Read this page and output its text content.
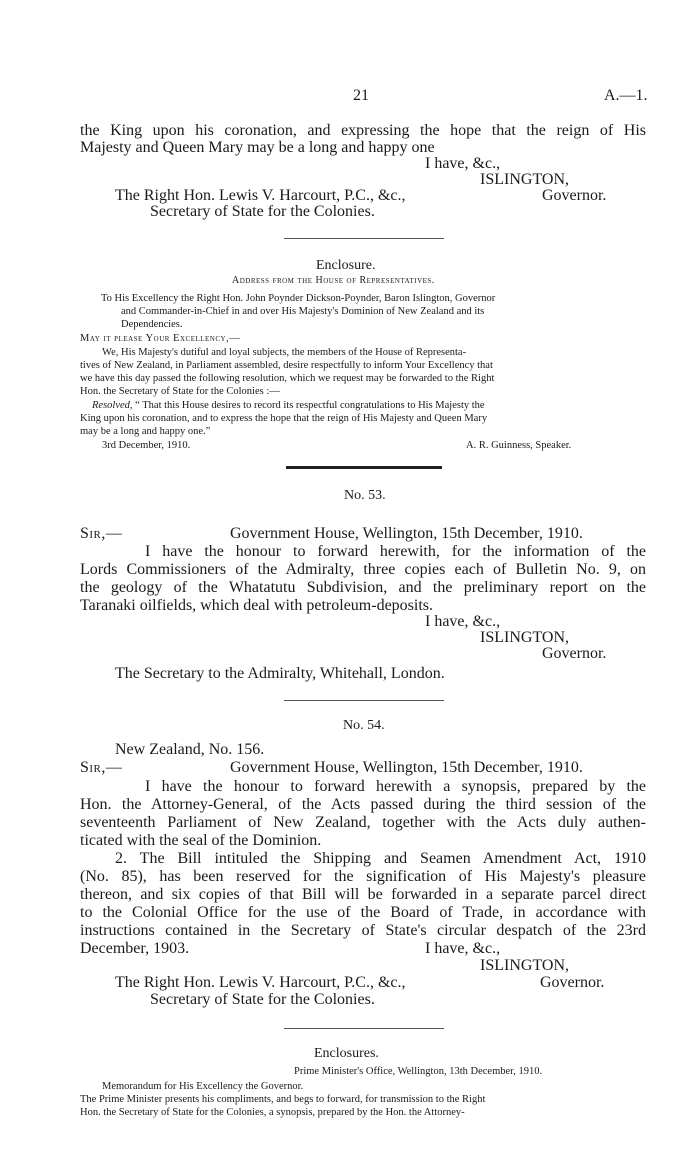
21	A.—1.
the King upon his coronation, and expressing the hope that the reign of His
Majesty and Queen Mary may be a long and happy one
I have, &c.,
ISLINGTON,
The Right Hon. Lewis V. Harcourt, P.C., &c.,	Governor.
Secretary of State for the Colonies.
Enclosure.
Address from the House of Representatives.
To His Excellency the Right Hon. John Poynder Dickson-Poynder, Baron Islington, Governor
and Commander-in-Chief in and over His Majesty's Dominion of New Zealand and its
Dependencies.
May it please Your Excellency,—
We, His Majesty's dutiful and loyal subjects, the members of the House of Representa-
tives of New Zealand, in Parliament assembled, desire respectfully to inform Your Excellency that
we have this day passed the following resolution, which we request may be forwarded to the Right
Hon. the Secretary of State for the Colonies :—
Resolved, “ That this House desires to record its respectful congratulations to His Majesty the
King upon his coronation, and to express the hope that the reign of His Majesty and Queen Mary
may be a long and happy one.”
3rd December, 1910.	A. R. Guinness, Speaker.
No. 53.
Sir,—	Government House, Wellington, 15th December, 1910.
I have the honour to forward herewith, for the information of the
Lords Commissioners of the Admiralty, three copies each of Bulletin No. 9, on
the geology of the Whatatutu Subdivision, and the preliminary report on the
Taranaki oilfields, which deal with petroleum-deposits.
I have, &c.,
ISLINGTON,
Governor.
The Secretary to the Admiralty, Whitehall, London.
No. 54.
New Zealand, No. 156.
Sir,—	Government House, Wellington, 15th December, 1910.
I have the honour to forward herewith a synopsis, prepared by the
Hon. the Attorney-General, of the Acts passed during the third session of the
seventeenth Parliament of New Zealand, together with the Acts duly authen-
ticated with the seal of the Dominion.
2. The Bill intituled the Shipping and Seamen Amendment Act, 1910
(No. 85), has been reserved for the signification of His Majesty's pleasure
thereon, and six copies of that Bill will be forwarded in a separate parcel direct
to the Colonial Office for the use of the Board of Trade, in accordance with
instructions contained in the Secretary of State's circular despatch of the 23rd
December, 1903.	I have, &c.,
ISLINGTON,
The Right Hon. Lewis V. Harcourt, P.C., &c.,	Governor.
Secretary of State for the Colonies.
Enclosures.
Prime Minister's Office, Wellington, 13th December, 1910.
Memorandum for His Excellency the Governor.
The Prime Minister presents his compliments, and begs to forward, for transmission to the Right
Hon. the Secretary of State for the Colonies, a synopsis, prepared by the Hon. the Attorney-
